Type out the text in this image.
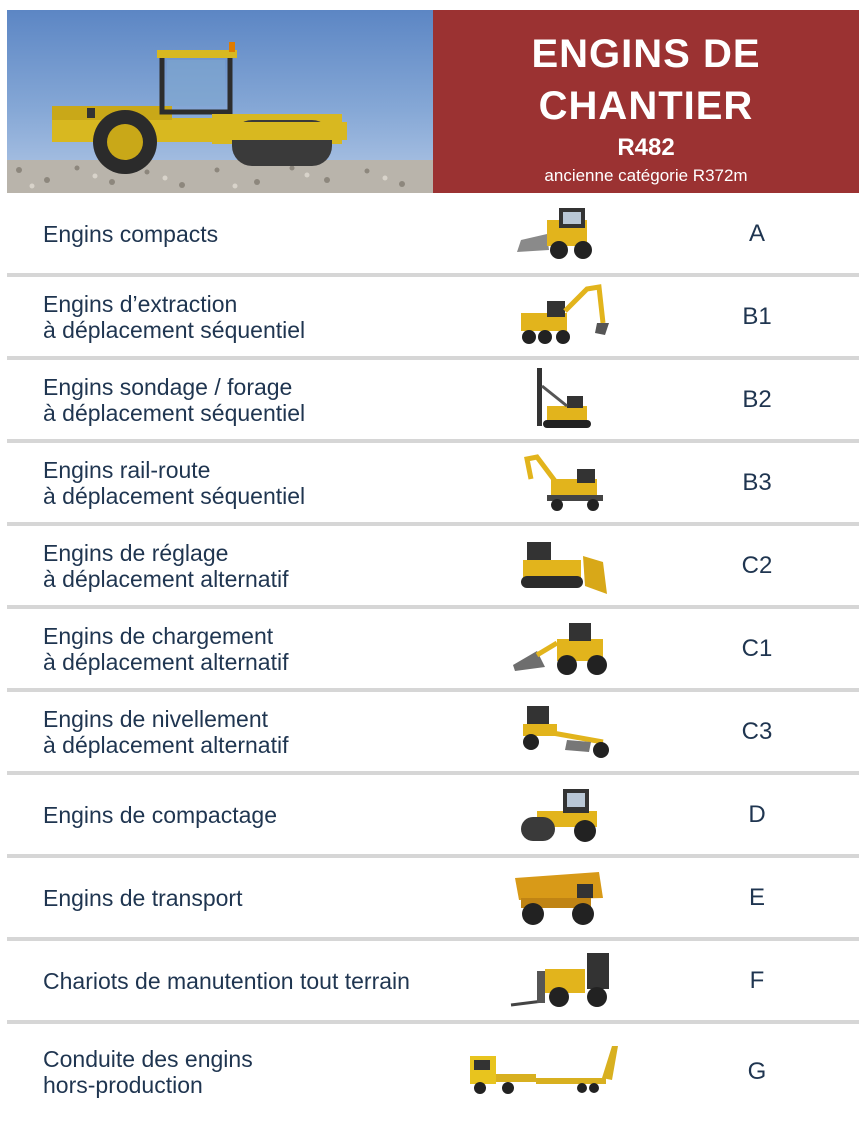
ENGINS DE
CHANTIER
R482
ancienne catégorie R372m
Engins compacts	A
Engins d’extraction
à déplacement séquentiel	B1
Engins sondage / forage
à déplacement séquentiel	B2
Engins rail-route
à déplacement séquentiel	B3
Engins de réglage
à déplacement alternatif	C2
Engins de chargement
à déplacement alternatif	C1
Engins de nivellement
à déplacement alternatif	C3
Engins de compactage	D
Engins de transport	E
Chariots de manutention tout terrain	F
Conduite des engins
hors-production	G
